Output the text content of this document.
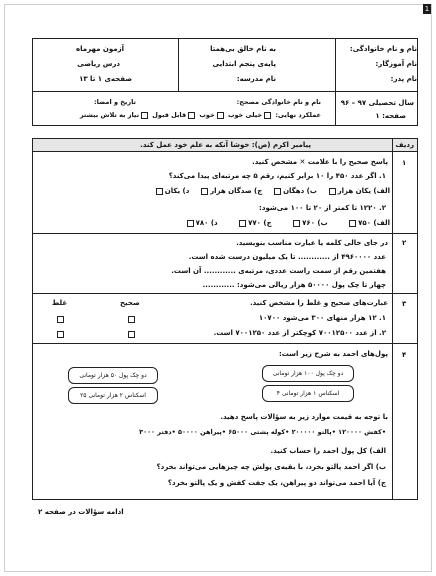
1
نام و نام خانوادگی:
نام آموزگار:
نام پدر:
به نام خالق بی‌همتا
پایه‌ی پنجم ابتدایی
نام مدرسه:
آزمون مهرماه
درس ریاضی
صفحه‌ی ۱ تا ۱۳
سال تحصیلی ۹۷ – ۹۶
صفحه: ۱
نام و نام خانوادگی مصحح:
تاریخ و امضا:
عملکرد نهایی: خیلی خوب خوب قابل قبول نیاز به تلاش بیشتر
ردیف
پیامبر اکرم (ص): خوشا آنکه به علم خود عمل کند.
۱
پاسخ صحیح را با علامت ✕ مشخص کنید.
۱. اگر عدد ۴۵۰ را ۱۰ برابر کنیم، رقم ۵ چه مرتبه‌ای پیدا می‌کند؟
الف) یکان هزار    ب) دهگان    ج) صدگان هزار    د) یکان
۲. ۱۲۲۰ تا کمتر از ۲۰ تا ۱۰۰ می‌شود:
الف) ۷۵۰        ب) ۷۶۰        ج) ۷۷۰        د) ۷۸۰
۲
در جای خالی کلمه یا عبارت مناسب بنویسید.
عدد ۴۹۶۰۰۰۰ از ............ تا یک میلیون درست شده است.
هفتمین رقم از سمت راست عددی، مرتبه‌ی ............ آن است.
چهار تا چک پول ۵۰۰۰۰ هزار ریالی می‌شود: ............
۳
عبارت‌های صحیح و غلط را مشخص کنید.
صحیح
غلط
۱. ۱۲ هزار منهای ۳۰۰ می‌شود ۱۰۷۰۰
۲. از عدد ۷۰۰۱۲۵۰۰ کوچکتر از عدد ۷۰۰۱۲۵۰ است.
۴
پول‌های احمد به شرح زیر است:
دو چک پول ۱۰۰ هزار تومانی
۴ اسکناس ۱ هزار تومانی
دو چک پول ۵۰ هزار تومانی
۲۵ اسکناس ۲ هزار تومانی
با توجه به قیمت موارد زیر به سؤالات پاسخ دهید.
•کفش ۱۲۰۰۰۰ •پالتو ۲۰۰۰۰۰ •کوله پشتی ۶۵۰۰۰ •پیراهن ۵۰۰۰۰ •دفتر ۳۰۰۰
الف) کل پول احمد را حساب کنید.
ب) اگر احمد پالتو بخرد، با بقیه‌ی پولش چه چیزهایی می‌تواند بخرد؟
ج) آیا احمد می‌تواند دو پیراهن، یک جفت کفش و یک پالتو بخرد؟
ادامه سؤالات در صفحه ۲
